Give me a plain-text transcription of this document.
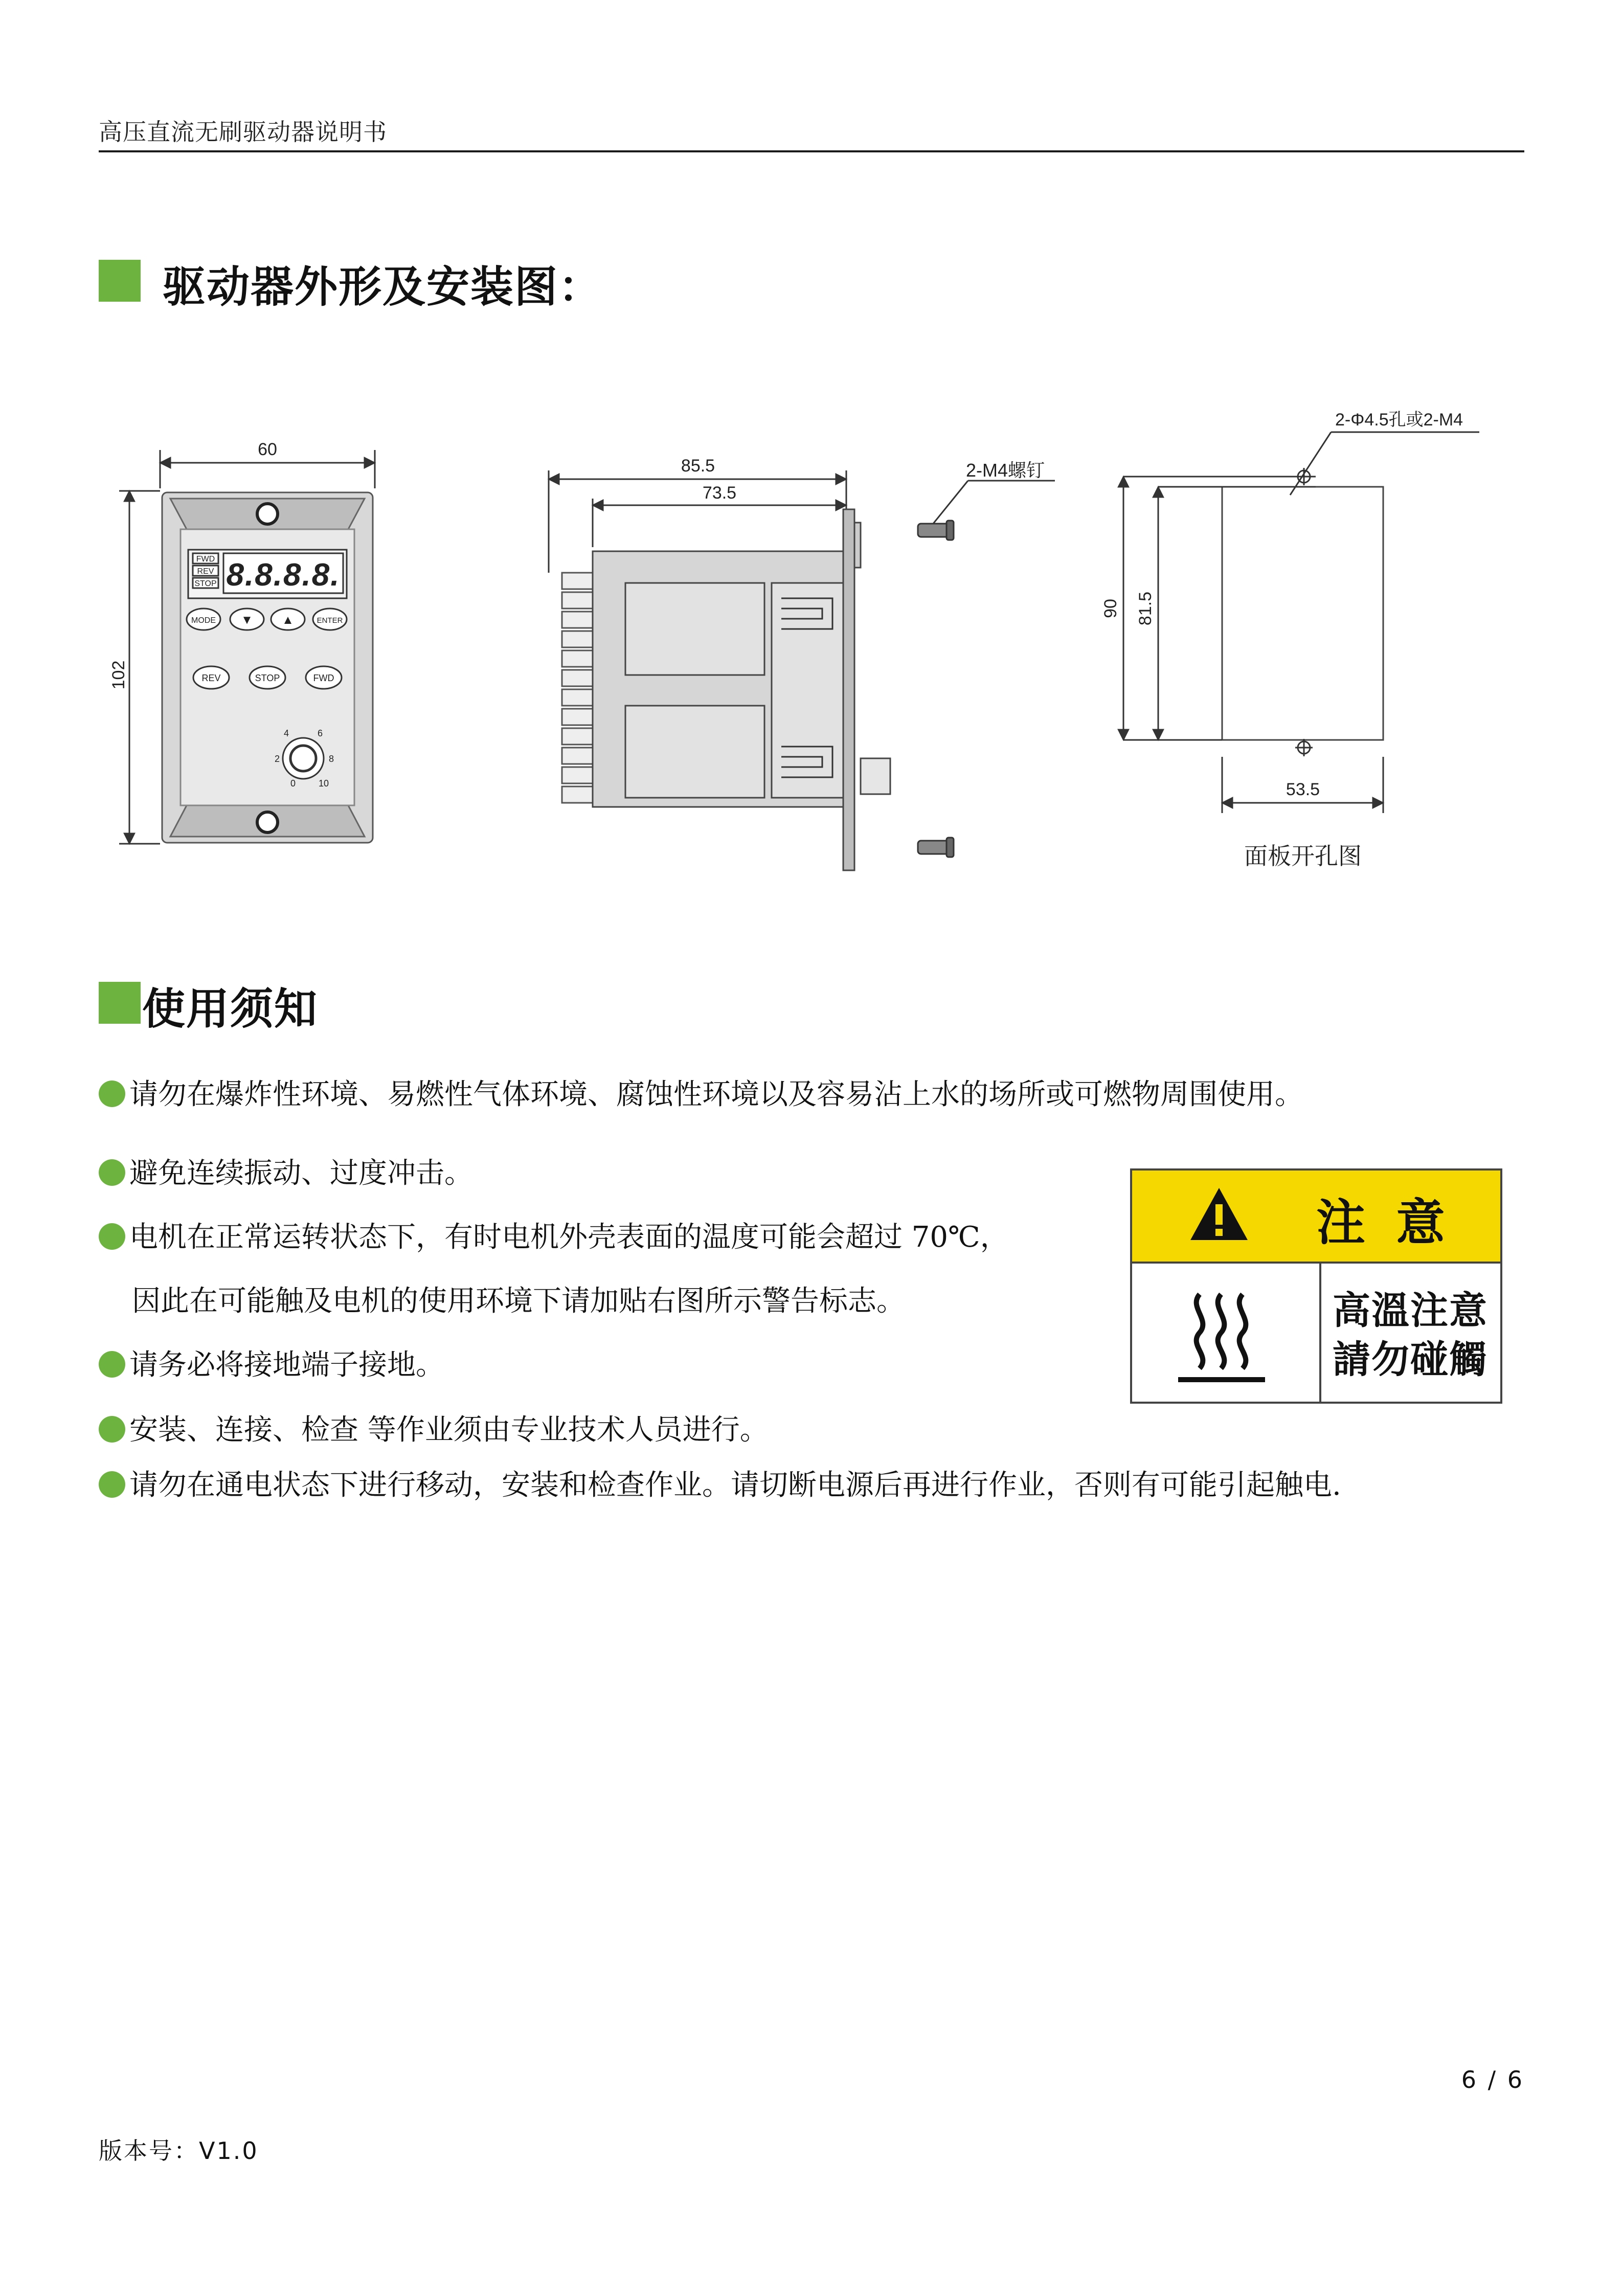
高压直流无刷驱动器说明书
驱动器外形及安装图：
60
102
FWD
REV
STOP 8.8.8.8.
MODE ▼ ▲	ENTER
REV	STOP	FWD
0
2
4	6
8
10
85.5
73.5
2-M4螺钉
2-Φ4.5孔或2-M4
90 81.5
53.5
面板开孔图
使用须知
请勿在爆炸性环境、易燃性气体环境、腐蚀性环境以及容易沾上水的场所或可燃物周围使用。
避免连续振动、过度冲击。
电机在正常运转状态下，有时电机外壳表面的温度可能会超过 70℃，
因此在可能触及电机的使用环境下请加贴右图所示警告标志。
请务必将接地端子接地。
安装、连接、检查 等作业须由专业技术人员进行。
请勿在通电状态下进行移动，安装和检查作业。请切断电源后再进行作业，否则有可能引起触电.
注意
高溫注意
請勿碰觸
6 / 6
版本号：V1.0
